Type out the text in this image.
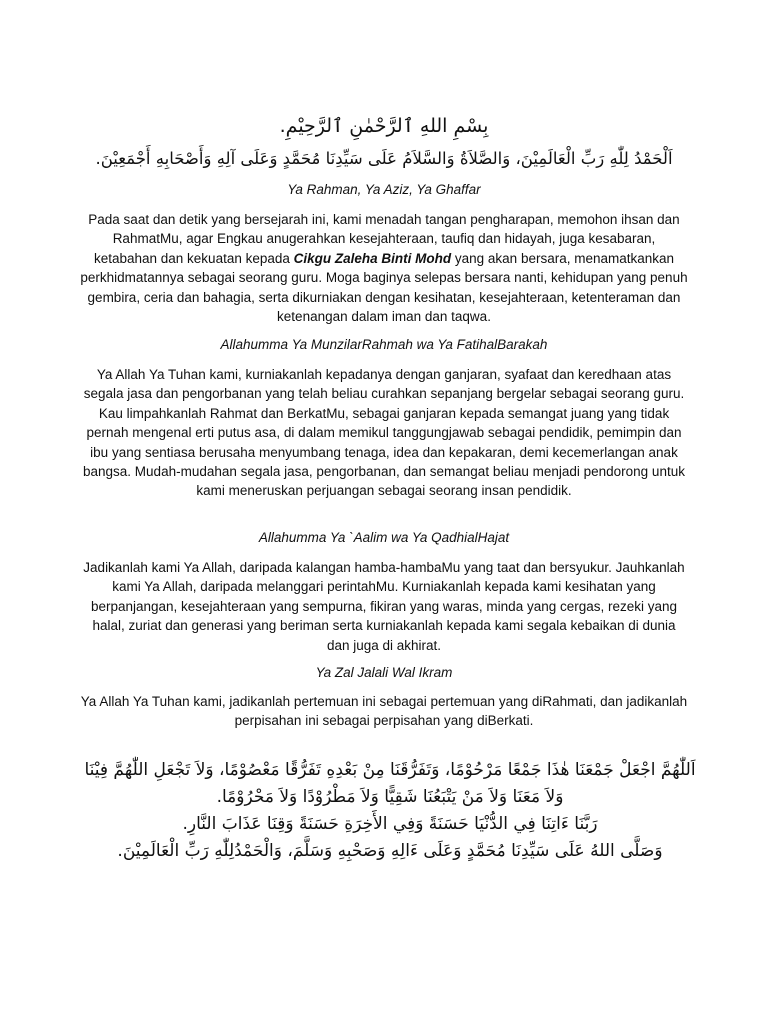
بِسْمِ اللهِ ٱلرَّحْمٰنِ ٱلرَّحِيْمِ.
اَلْحَمْدُ لِلّٰهِ رَبِّ الْعَالَمِيْنَ، وَالصَّلاَةُ وَالسَّلاَمُ عَلَى سَيِّدِنَا مُحَمَّدٍ وَعَلَى آلِهِ وَأَصْحَابِهِ أَجْمَعِيْنَ.
Ya Rahman, Ya Aziz, Ya Ghaffar
Pada saat dan detik yang bersejarah ini, kami menadah tangan pengharapan, memohon ihsan dan RahmatMu, agar Engkau anugerahkan kesejahteraan, taufiq dan hidayah, juga kesabaran, ketabahan dan kekuatan kepada Cikgu Zaleha Binti Mohd yang akan bersara, menamatkankan perkhidmatannya sebagai seorang guru. Moga baginya selepas bersara nanti, kehidupan yang penuh gembira, ceria dan bahagia, serta dikurniakan dengan kesihatan, kesejahteraan, ketenteraman dan ketenangan dalam iman dan taqwa.
Allahumma Ya MunzilarRahmah wa Ya FatihalBarakah
Ya Allah Ya Tuhan kami, kurniakanlah kepadanya dengan ganjaran, syafaat dan keredhaan atas segala jasa dan pengorbanan yang telah beliau curahkan sepanjang bergelar sebagai seorang guru. Kau limpahkanlah Rahmat dan BerkatMu, sebagai ganjaran kepada semangat juang yang tidak pernah mengenal erti putus asa, di dalam memikul tanggungjawab sebagai pendidik, pemimpin dan ibu yang sentiasa berusaha menyumbang tenaga, idea dan kepakaran, demi kecemerlangan anak bangsa. Mudah-mudahan segala jasa, pengorbanan, dan semangat beliau menjadi pendorong untuk kami meneruskan perjuangan sebagai seorang insan pendidik.
Allahumma Ya `Aalim wa Ya QadhialHajat
Jadikanlah kami Ya Allah, daripada kalangan hamba-hambaMu yang taat dan bersyukur. Jauhkanlah kami Ya Allah, daripada melanggari perintahMu. Kurniakanlah kepada kami kesihatan yang berpanjangan, kesejahteraan yang sempurna, fikiran yang waras, minda yang cergas, rezeki yang halal, zuriat dan generasi yang beriman serta kurniakanlah kepada kami segala kebaikan di dunia dan juga di akhirat.
Ya Zal Jalali Wal Ikram
Ya Allah Ya Tuhan kami, jadikanlah pertemuan ini sebagai pertemuan yang diRahmati, dan jadikanlah perpisahan ini sebagai perpisahan yang diBerkati.
اَللّٰهُمَّ اجْعَلْ جَمْعَنَا هٰذَا جَمْعًا مَرْحُوْمًا، وَتَفَرُّقَنَا مِنْ بَعْدِهِ تَفَرُّقًا مَعْصُوْمًا، وَلاَ تَجْعَلِ اللّٰهُمَّ فِيْنَا
وَلاَ مَعَنَا وَلاَ مَنْ يَتْبَعُنَا شَقِيًّا وَلاَ مَطْرُوْدًا وَلاَ مَحْرُوْمًا.
رَبَّنَا ءَاتِنَا فِي الدُّنْيَا حَسَنَةً وَفِي الأَخِرَةِ حَسَنَةً وَقِنَا عَذَابَ النَّارِ.
وَصَلَّى اللهُ عَلَى سَيِّدِنَا مُحَمَّدٍ وَعَلَى ءَالِهِ وَصَحْبِهِ وَسَلَّمَ، وَالْحَمْدُلِلّٰهِ رَبِّ الْعَالَمِيْنَ.
